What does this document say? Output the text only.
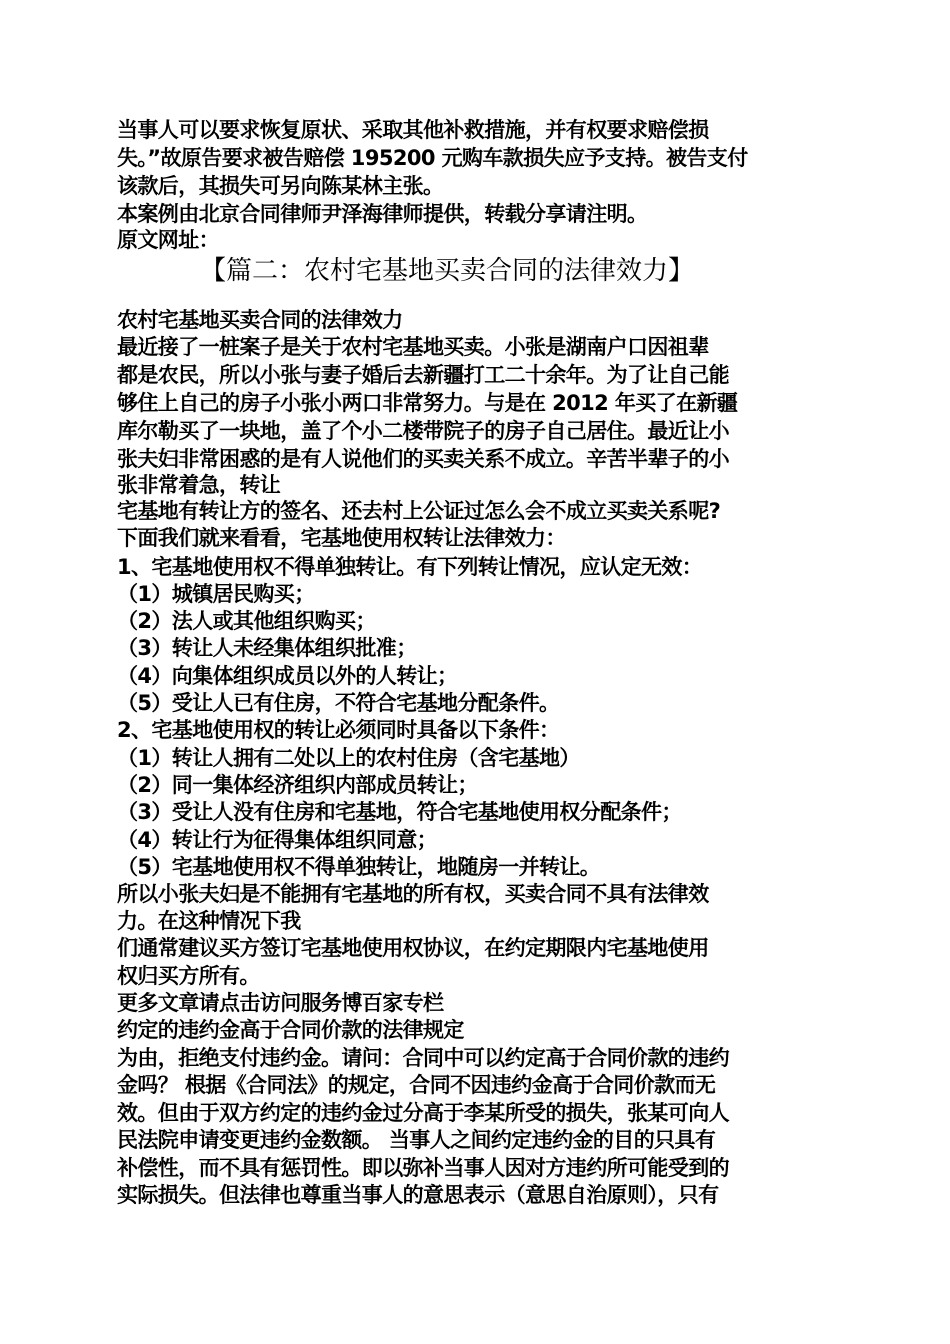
当事人可以要求恢复原状、采取其他补救措施，并有权要求赔偿损
失。”故原告要求被告赔偿 195200 元购车款损失应予支持。被告支付
该款后，其损失可另向陈某林主张。
本案例由北京合同律师尹泽海律师提供，转载分享请注明。
原文网址：
【篇二：农村宅基地买卖合同的法律效力】
农村宅基地买卖合同的法律效力
最近接了一桩案子是关于农村宅基地买卖。小张是湖南户口因祖辈
都是农民，所以小张与妻子婚后去新疆打工二十余年。为了让自己能
够住上自己的房子小张小两口非常努力。与是在 2012 年买了在新疆
库尔勒买了一块地，盖了个小二楼带院子的房子自己居住。最近让小
张夫妇非常困惑的是有人说他们的买卖关系不成立。辛苦半辈子的小
张非常着急，转让
宅基地有转让方的签名、还去村上公证过怎么会不成立买卖关系呢?
下面我们就来看看，宅基地使用权转让法律效力：
1、宅基地使用权不得单独转让。有下列转让情况，应认定无效：
（1）城镇居民购买；
（2）法人或其他组织购买；
（3）转让人未经集体组织批准；
（4）向集体组织成员以外的人转让；
（5）受让人已有住房，不符合宅基地分配条件。
2、宅基地使用权的转让必须同时具备以下条件：
（1）转让人拥有二处以上的农村住房（含宅基地）
（2）同一集体经济组织内部成员转让；
（3）受让人没有住房和宅基地，符合宅基地使用权分配条件；
（4）转让行为征得集体组织同意；
（5）宅基地使用权不得单独转让，地随房一并转让。
所以小张夫妇是不能拥有宅基地的所有权，买卖合同不具有法律效
力。在这种情况下我
们通常建议买方签订宅基地使用权协议，在约定期限内宅基地使用
权归买方所有。
更多文章请点击访问服务博百家专栏
约定的违约金高于合同价款的法律规定
为由，拒绝支付违约金。请问：合同中可以约定高于合同价款的违约
金吗？ 根据《合同法》的规定，合同不因违约金高于合同价款而无
效。但由于双方约定的违约金过分高于李某所受的损失，张某可向人
民法院申请变更违约金数额。 当事人之间约定违约金的目的只具有
补偿性，而不具有惩罚性。即以弥补当事人因对方违约所可能受到的
实际损失。但法律也尊重当事人的意思表示（意思自治原则），只有
